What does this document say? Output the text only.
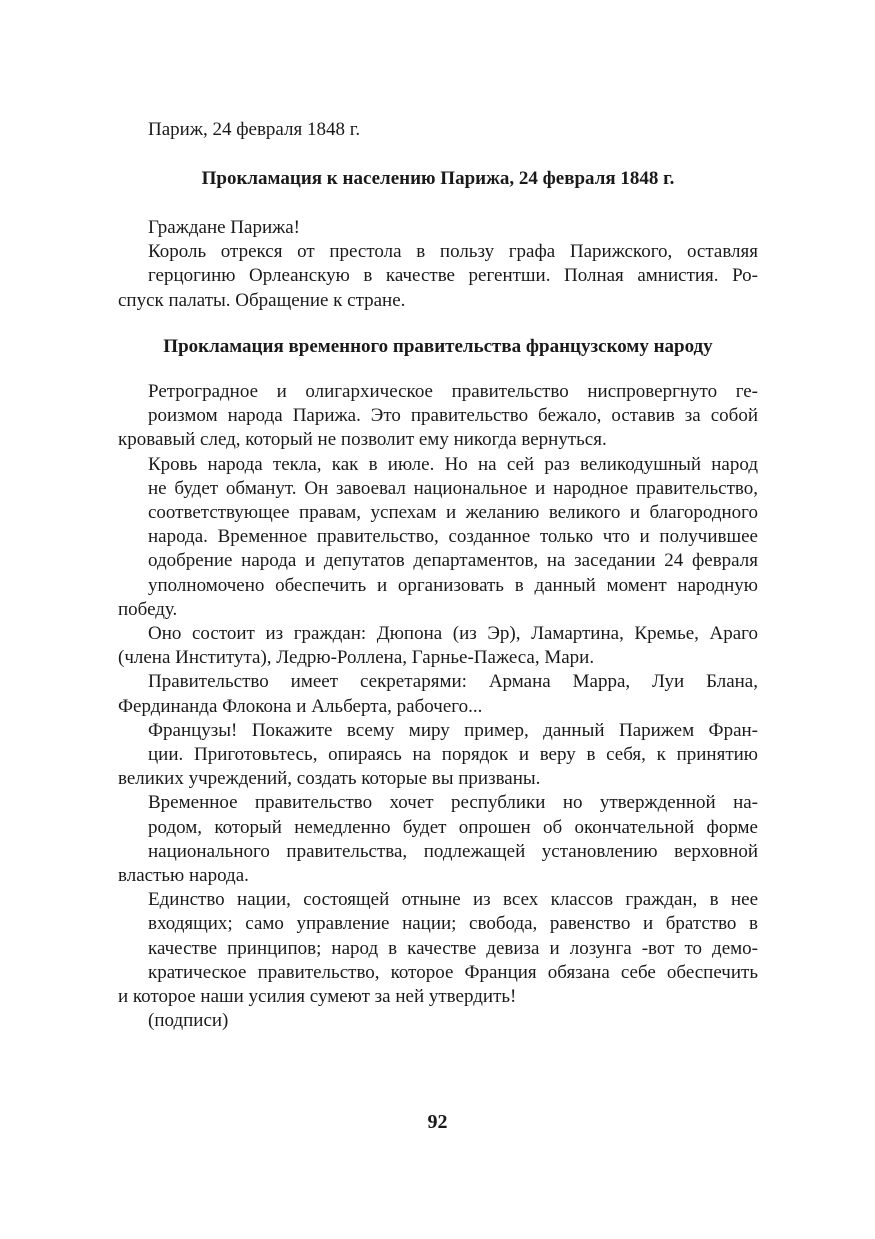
Париж, 24 февраля 1848 г.

Прокламация к населению Парижа, 24 февраля 1848 г.

Граждане Парижа!

Король отрекся от престола в пользу графа Парижского, оставляя
герцогиню Орлеанскую в качестве регентши. Полная амнистия. Ро-
спуск палаты. Обращение к стране.

Прокламация временного правительства французскому народу

Ретроградное и олигархическое правительство ниспровергнуто ге-
роизмом народа Парижа. Это правительство бежало, оставив за собой
кровавый след, который не позволит ему никогда вернуться.

Кровь народа текла, как в июле. Но на сей раз великодушный народ
не будет обманут. Он завоевал национальное и народное правительство,
соответствующее правам, успехам и желанию великого и благородного
народа. Временное правительство, созданное только что и получившее
одобрение народа и депутатов департаментов, на заседании 24 февраля
уполномочено обеспечить и организовать в данный момент народную
победу.

Оно состоит из граждан: Дюпона (из Эр), Ламартина, Кремье, Араго
(члена Института), Ледрю-Роллена, Гарнье-Пажеса, Мари.

Правительство имеет секретарями: Армана Марра, Луи Блана,
Фердинанда Флокона и Альберта, рабочего...

Французы! Покажите всему миру пример, данный Парижем Фран-
ции. Приготовьтесь, опираясь на порядок и веру в себя, к принятию
великих учреждений, создать которые вы призваны.

Временное правительство хочет республики но утвержденной на-
родом, который немедленно будет опрошен об окончательной форме
национального правительства, подлежащей установлению верховной
властью народа.

Единство нации, состоящей отныне из всех классов граждан, в нее
входящих; само управление нации; свобода, равенство и братство в
качестве принципов; народ в качестве девиза и лозунга -вот то демо-
кратическое правительство, которое Франция обязана себе обеспечить
и которое наши усилия сумеют за ней утвердить!

(подписи)

92
